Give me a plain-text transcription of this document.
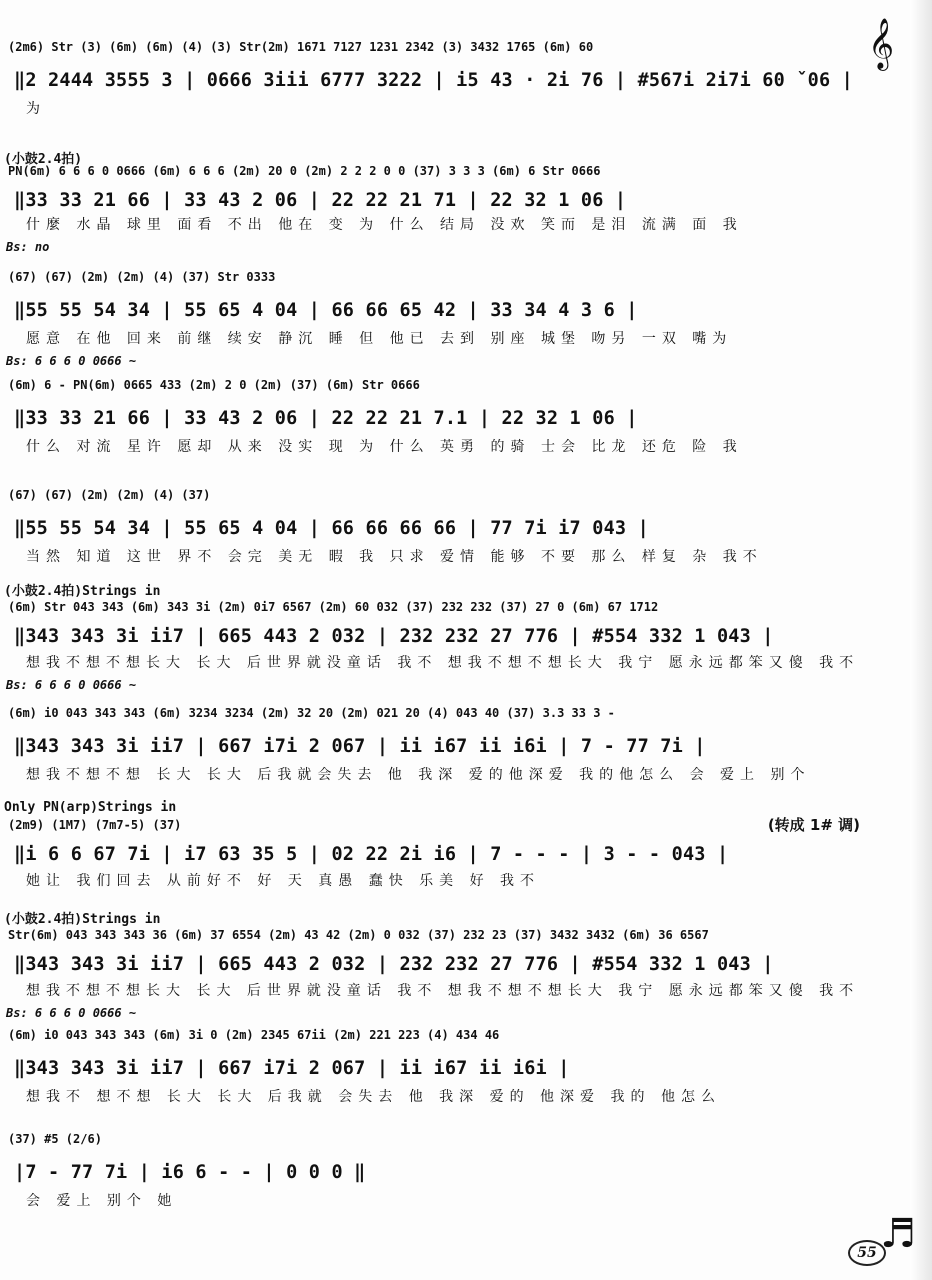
𝄞
(2m6) Str (3) (6m) (6m) (4) (3) Str(2m) 1671 7127 1231 2342 (3) 3432 1765 (6m) 60
‖2 2444 3555 3 | 0666 3iii 6777 3222 | i5 43 · 2i 76 | #567i 2i7i 60 ˇ06 |
为
(小鼓2.4拍)
PN(6m) 6 6 6 0 0666 (6m) 6 6 6 (2m) 20 0 (2m) 2 2 2 0 0 (37) 3 3 3 (6m) 6 Str 0666
‖33 33 21 66 | 33 43 2 06 | 22 22 21 71 | 22 32 1 06 |
什麼 水晶 球里 面看 不出 他在 变 为 什么 结局 没欢 笑而 是泪 流满 面 我
Bs: no
(67) (67) (2m) (2m) (4) (37) Str 0333
‖55 55 54 34 | 55 65 4 04 | 66 66 65 42 | 33 34 4 3 6 |
愿意 在他 回来 前继 续安 静沉 睡 但 他已 去到 别座 城堡 吻另 一双 嘴为
Bs: 6 6 6 0 0666 ~
(6m) 6 - PN(6m) 0665 433 (2m) 2 0 (2m) (37) (6m) Str 0666
‖33 33 21 66 | 33 43 2 06 | 22 22 21 7.1 | 22 32 1 06 |
什么 对流 星许 愿却 从来 没实 现 为 什么 英勇 的骑 士会 比龙 还危 险 我
(67) (67) (2m) (2m) (4) (37)
‖55 55 54 34 | 55 65 4 04 | 66 66 66 66 | 77 7i i7 043 |
当然 知道 这世 界不 会完 美无 暇 我 只求 爱情 能够 不要 那么 样复 杂 我不
(小鼓2.4拍)Strings in
(6m) Str 043 343 (6m) 343 3i (2m) 0i7 6567 (2m) 60 032 (37) 232 232 (37) 27 0 (6m) 67 1712
‖343 343 3i ii7 | 665 443 2 032 | 232 232 27 776 | #554 332 1 043 |
想我不想不想长大 长大 后世界就没童话 我不 想我不想不想长大 我宁 愿永远都笨又傻 我不
Bs: 6 6 6 0 0666 ~
(6m) i0 043 343 343 (6m) 3234 3234 (2m) 32 20 (2m) 021 20 (4) 043 40 (37) 3.3 33 3 -
‖343 343 3i ii7 | 667 i7i 2 067 | ii i67 ii i6i | 7 - 77 7i |
想我不想不想 长大 长大 后我就会失去 他 我深 爱的他深爱 我的他怎么 会 爱上 别个
Only PN(arp)Strings in
(转成 1# 调)
(2m9) (1M7) (7m7-5) (37)
‖i 6 6 67 7i | i7 63 35 5 | 02 22 2i i6 | 7 - - - | 3 - - 043 |
她让 我们回去 从前好不 好 天 真愚 蠢快 乐美 好 我不
(小鼓2.4拍)Strings in
Str(6m) 043 343 343 36 (6m) 37 6554 (2m) 43 42 (2m) 0 032 (37) 232 23 (37) 3432 3432 (6m) 36 6567
‖343 343 3i ii7 | 665 443 2 032 | 232 232 27 776 | #554 332 1 043 |
想我不想不想长大 长大 后世界就没童话 我不 想我不想不想长大 我宁 愿永远都笨又傻 我不
Bs: 6 6 6 0 0666 ~
(6m) i0 043 343 343 (6m) 3i 0 (2m) 2345 67ii (2m) 221 223 (4) 434 46
‖343 343 3i ii7 | 667 i7i 2 067 | ii i67 ii i6i |
想我不 想不想 长大 长大 后我就 会失去 他 我深 爱的 他深爱 我的 他怎么
(37) #5 (2/6)
|7 - 77 7i | i6 6 - - | 0 0 0 ‖
会 爱上 别个 她
♬
55
